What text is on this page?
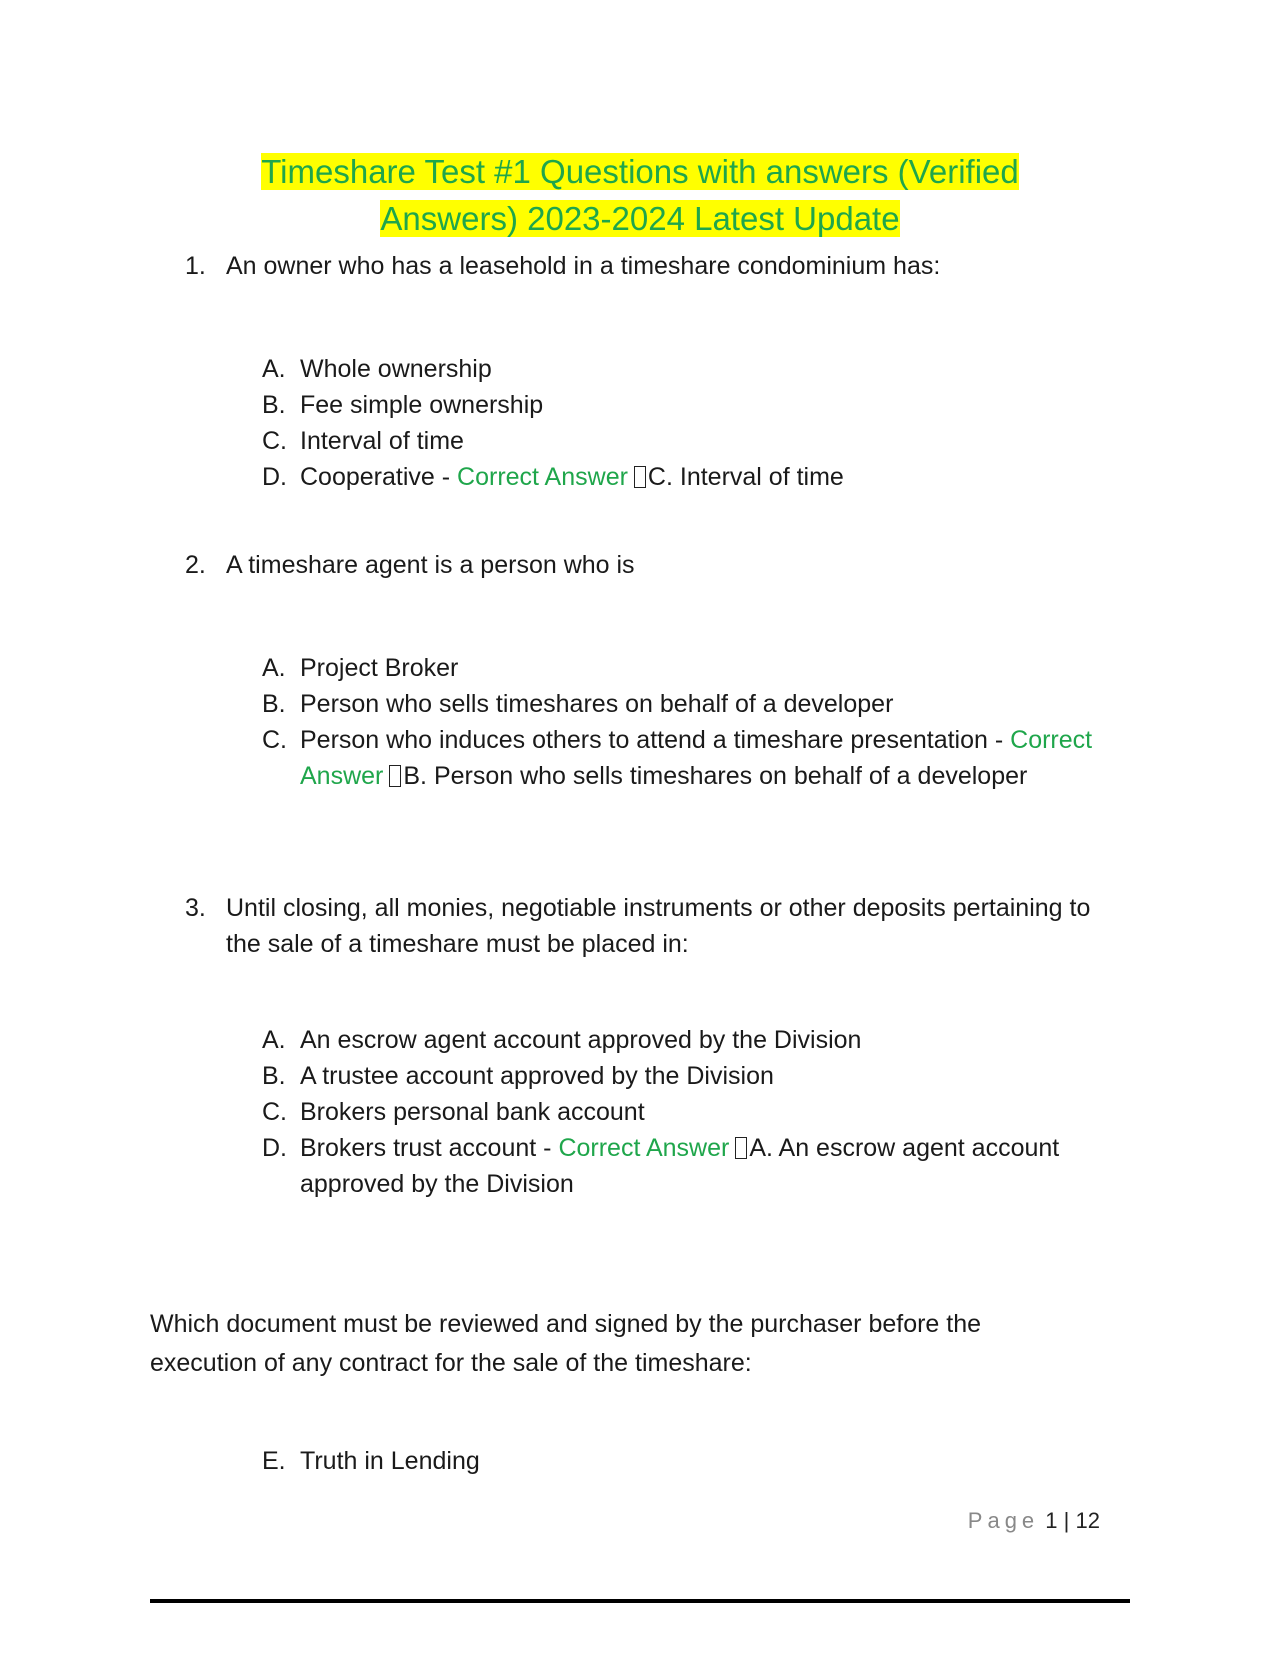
Timeshare Test #1 Questions with answers (Verified
Answers) 2023-2024 Latest Update
1. An owner who has a leasehold in a timeshare condominium has:
A. Whole ownership
B. Fee simple ownership
C. Interval of time
D. Cooperative - Correct Answer C. Interval of time
2. A timeshare agent is a person who is
A. Project Broker
B. Person who sells timeshares on behalf of a developer
C. Person who induces others to attend a timeshare presentation - Correct Answer B. Person who sells timeshares on behalf of a developer
3. Until closing, all monies, negotiable instruments or other deposits pertaining to the sale of a timeshare must be placed in:
A. An escrow agent account approved by the Division
B. A trustee account approved by the Division
C. Brokers personal bank account
D. Brokers trust account - Correct Answer A. An escrow agent account approved by the Division
Which document must be reviewed and signed by the purchaser before the execution of any contract for the sale of the timeshare:
E. Truth in Lending
Page 1 | 12
